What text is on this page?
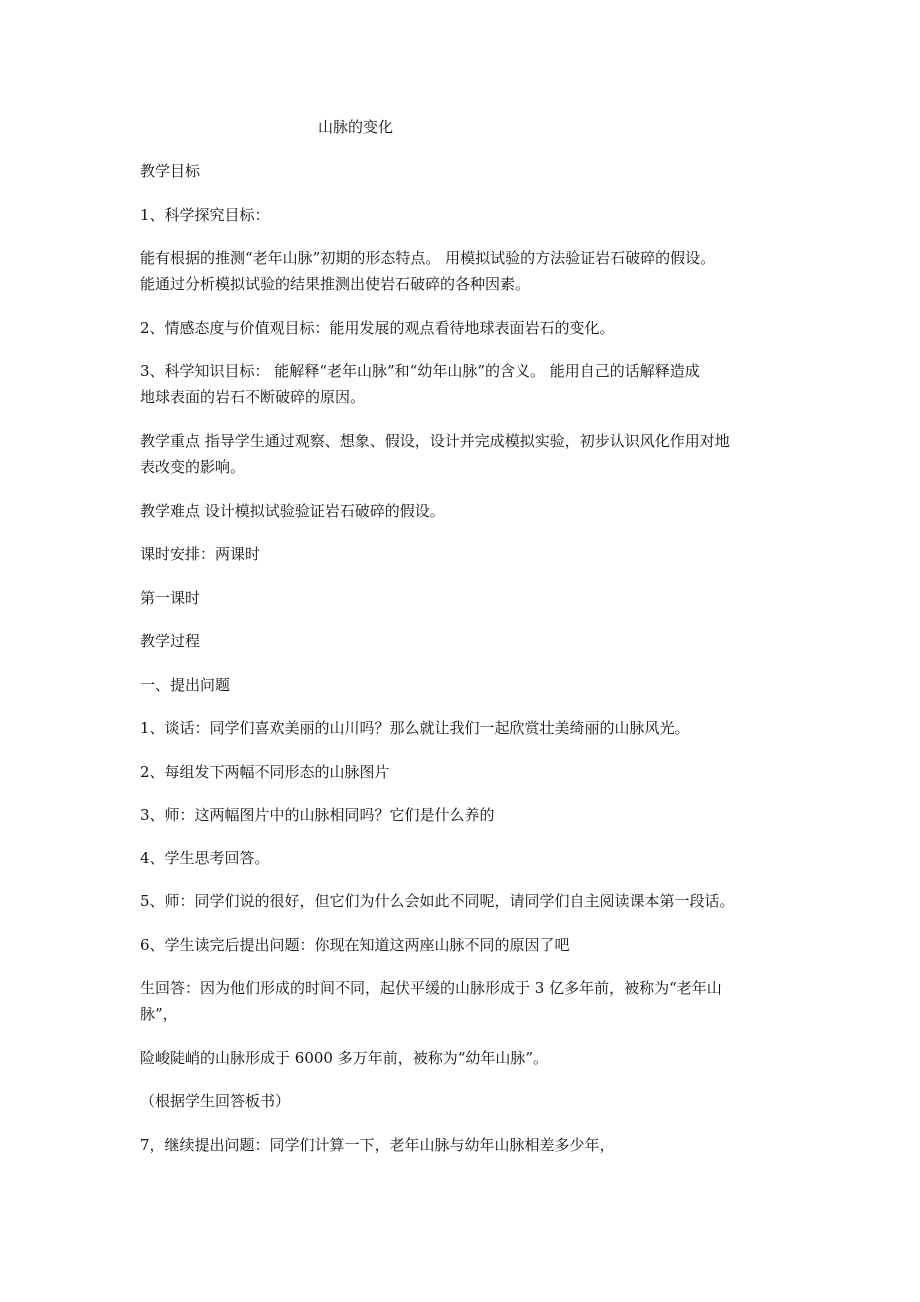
山脉的变化
教学目标
1、科学探究目标：
能有根据的推测“老年山脉”初期的形态特点。 用模拟试验的方法验证岩石破碎的假设。
能通过分析模拟试验的结果推测出使岩石破碎的各种因素。
2、情感态度与价值观目标：能用发展的观点看待地球表面岩石的变化。
3、科学知识目标： 能解释“老年山脉”和“幼年山脉”的含义。 能用自己的话解释造成
地球表面的岩石不断破碎的原因。
教学重点 指导学生通过观察、想象、假设，设计并完成模拟实验，初步认识风化作用对地
表改变的影响。
教学难点 设计模拟试验验证岩石破碎的假设。
课时安排：两课时
第一课时
教学过程
一、提出问题
1、谈话：同学们喜欢美丽的山川吗？那么就让我们一起欣赏壮美绮丽的山脉风光。
2、每组发下两幅不同形态的山脉图片
3、师：这两幅图片中的山脉相同吗？它们是什么养的
4、学生思考回答。
5、师：同学们说的很好，但它们为什么会如此不同呢，请同学们自主阅读课本第一段话。
6、学生读完后提出问题：你现在知道这两座山脉不同的原因了吧
生回答：因为他们形成的时间不同，起伏平缓的山脉形成于 3 亿多年前，被称为“老年山
脉”，
险峻陡峭的山脉形成于 6000 多万年前，被称为“幼年山脉”。
（根据学生回答板书）
7，继续提出问题：同学们计算一下，老年山脉与幼年山脉相差多少年，
